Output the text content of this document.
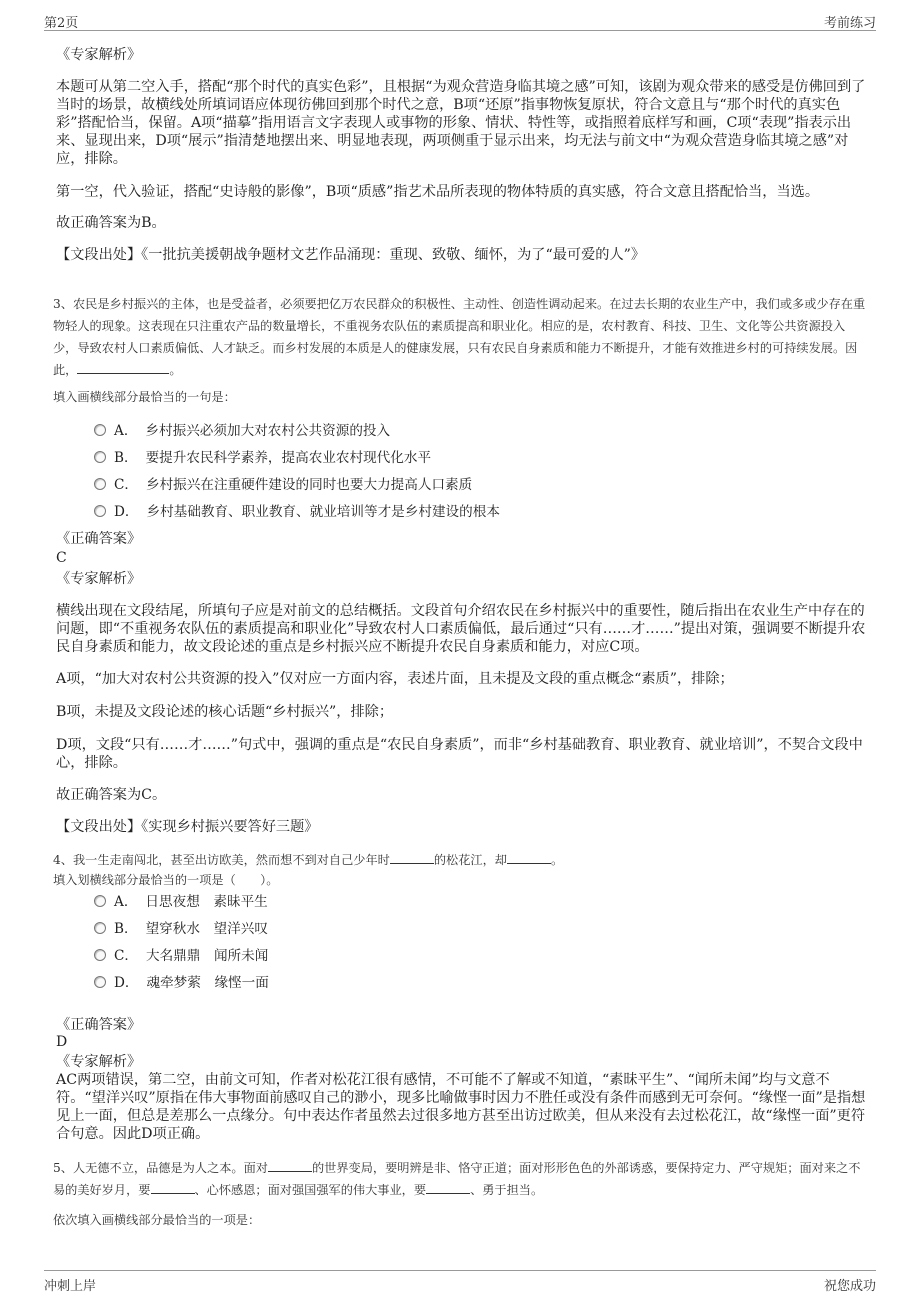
第2页	考前练习
《专家解析》
本题可从第二空入手，搭配“那个时代的真实色彩”，且根据“为观众营造身临其境之感”可知，该剧为观众带来的感受是仿佛回到了当时的场景，故横线处所填词语应体现彷佛回到那个时代之意，B项“还原”指事物恢复原状，符合文意且与“那个时代的真实色彩”搭配恰当，保留。A项“描摹”指用语言文字表现人或事物的形象、情状、特性等，或指照着底样写和画，C项“表现”指表示出来、显现出来，D项“展示”指清楚地摆出来、明显地表现，两项侧重于显示出来，均无法与前文中“为观众营造身临其境之感”对应，排除。
第一空，代入验证，搭配“史诗般的影像”，B项“质感”指艺术品所表现的物体特质的真实感，符合文意且搭配恰当，当选。
故正确答案为B。
【文段出处】《一批抗美援朝战争题材文艺作品涌现：重现、致敬、缅怀，为了“最可爱的人”》
3、农民是乡村振兴的主体，也是受益者，必须要把亿万农民群众的积极性、主动性、创造性调动起来。在过去长期的农业生产中，我们或多或少存在重物轻人的现象。这表现在只注重农产品的数量增长，不重视务农队伍的素质提高和职业化。相应的是，农村教育、科技、卫生、文化等公共资源投入少，导致农村人口素质偏低、人才缺乏。而乡村发展的本质是人的健康发展，只有农民自身素质和能力不断提升，才能有效推进乡村的可持续发展。因此，	。
填入画横线部分最恰当的一句是：
A． 乡村振兴必须加大对农村公共资源的投入
B． 要提升农民科学素养，提高农业农村现代化水平
C． 乡村振兴在注重硬件建设的同时也要大力提高人口素质
D． 乡村基础教育、职业教育、就业培训等才是乡村建设的根本
《正确答案》
C
《专家解析》
横线出现在文段结尾，所填句子应是对前文的总结概括。文段首句介绍农民在乡村振兴中的重要性，随后指出在农业生产中存在的问题，即“不重视务农队伍的素质提高和职业化”导致农村人口素质偏低，最后通过“只有……才……”提出对策，强调要不断提升农民自身素质和能力，故文段论述的重点是乡村振兴应不断提升农民自身素质和能力，对应C项。
A项，“加大对农村公共资源的投入”仅对应一方面内容，表述片面，且未提及文段的重点概念“素质”，排除；
B项，未提及文段论述的核心话题“乡村振兴”，排除；
D项，文段“只有……才……”句式中，强调的重点是“农民自身素质”，而非“乡村基础教育、职业教育、就业培训”，不契合文段中心，排除。
故正确答案为C。
【文段出处】《实现乡村振兴要答好三题》
4、我一生走南闯北，甚至出访欧美，然而想不到对自己少年时	的松花江，却	。
填入划横线部分最恰当的一项是（　　）。
A． 日思夜想　素昧平生
B． 望穿秋水　望洋兴叹
C． 大名鼎鼎　闻所未闻
D． 魂牵梦萦　缘悭一面
《正确答案》
D
《专家解析》
AC两项错误，第二空，由前文可知，作者对松花江很有感情，不可能不了解或不知道，“素昧平生”、“闻所未闻”均与文意不符。“望洋兴叹”原指在伟大事物面前感叹自己的渺小，现多比喻做事时因力不胜任或没有条件而感到无可奈何。“缘悭一面”是指想见上一面，但总是差那么一点缘分。句中表达作者虽然去过很多地方甚至出访过欧美，但从来没有去过松花江，故“缘悭一面”更符合句意。因此D项正确。
5、人无德不立，品德是为人之本。面对	的世界变局，要明辨是非、恪守正道；面对形形色色的外部诱惑，要保持定力、严守规矩；面对来之不易的美好岁月，要	、心怀感恩；面对强国强军的伟大事业，要	、勇于担当。
依次填入画横线部分最恰当的一项是：
冲刺上岸	祝您成功
